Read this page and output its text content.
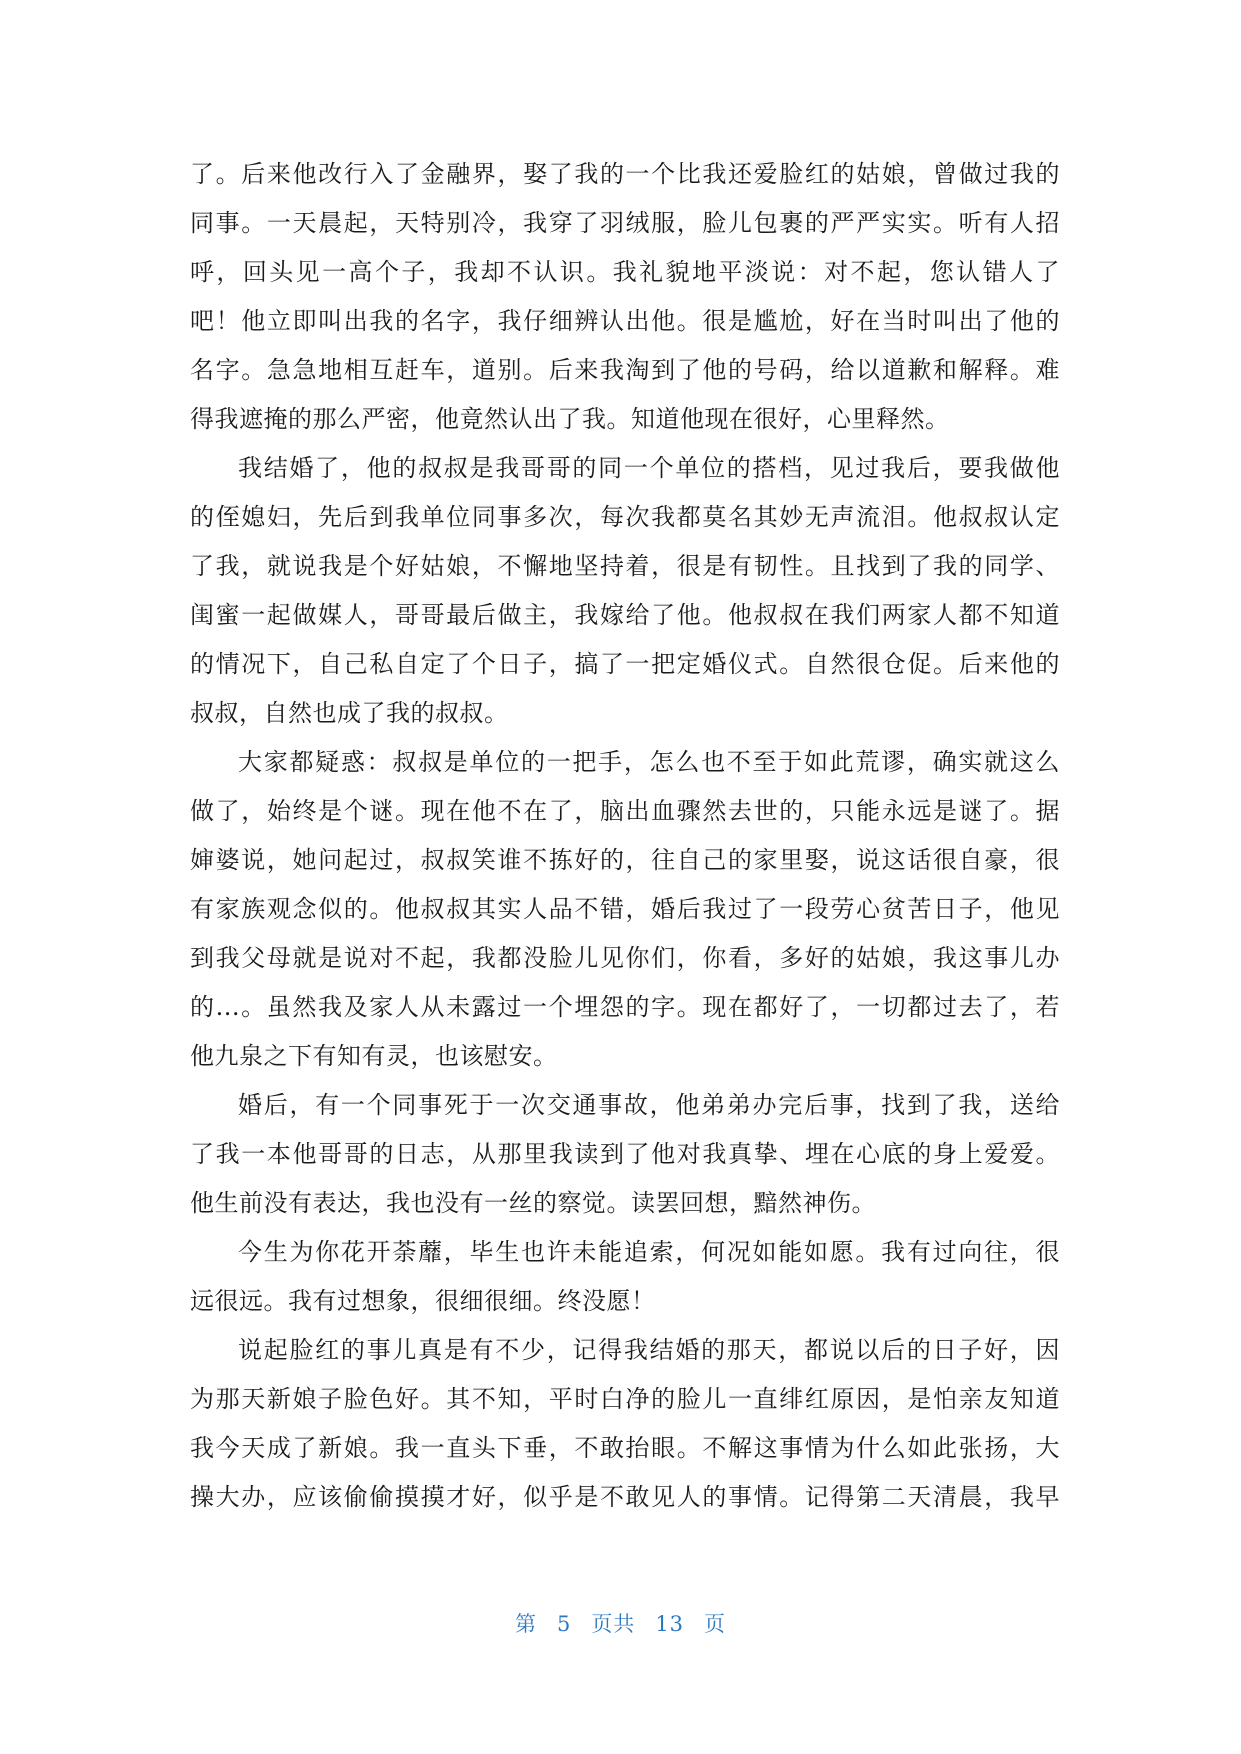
了。后来他改行入了金融界，娶了我的一个比我还爱脸红的姑娘，曾做过我的
同事。一天晨起，天特别冷，我穿了羽绒服，脸儿包裹的严严实实。听有人招
呼，回头见一高个子，我却不认识。我礼貌地平淡说：对不起，您认错人了
吧！他立即叫出我的名字，我仔细辨认出他。很是尴尬，好在当时叫出了他的
名字。急急地相互赶车，道别。后来我淘到了他的号码，给以道歉和解释。难
得我遮掩的那么严密，他竟然认出了我。知道他现在很好，心里释然。
我结婚了，他的叔叔是我哥哥的同一个单位的搭档，见过我后，要我做他
的侄媳妇，先后到我单位同事多次，每次我都莫名其妙无声流泪。他叔叔认定
了我，就说我是个好姑娘，不懈地坚持着，很是有韧性。且找到了我的同学、
闺蜜一起做媒人，哥哥最后做主，我嫁给了他。他叔叔在我们两家人都不知道
的情况下，自己私自定了个日子，搞了一把定婚仪式。自然很仓促。后来他的
叔叔，自然也成了我的叔叔。
大家都疑惑：叔叔是单位的一把手，怎么也不至于如此荒谬，确实就这么
做了，始终是个谜。现在他不在了，脑出血骤然去世的，只能永远是谜了。据
婶婆说，她问起过，叔叔笑谁不拣好的，往自己的家里娶，说这话很自豪，很
有家族观念似的。他叔叔其实人品不错，婚后我过了一段劳心贫苦日子，他见
到我父母就是说对不起，我都没脸儿见你们，你看，多好的姑娘，我这事儿办
的...。虽然我及家人从未露过一个埋怨的字。现在都好了，一切都过去了，若
他九泉之下有知有灵，也该慰安。
婚后，有一个同事死于一次交通事故，他弟弟办完后事，找到了我，送给
了我一本他哥哥的日志，从那里我读到了他对我真挚、埋在心底的身上爱爱。
他生前没有表达，我也没有一丝的察觉。读罢回想，黯然神伤。
今生为你花开荼蘼，毕生也许未能追索，何况如能如愿。我有过向往，很
远很远。我有过想象，很细很细。终没愿！
说起脸红的事儿真是有不少，记得我结婚的那天，都说以后的日子好，因
为那天新娘子脸色好。其不知，平时白净的脸儿一直绯红原因，是怕亲友知道
我今天成了新娘。我一直头下垂，不敢抬眼。不解这事情为什么如此张扬，大
操大办，应该偷偷摸摸才好，似乎是不敢见人的事情。记得第二天清晨，我早
第 5 页共 13 页
